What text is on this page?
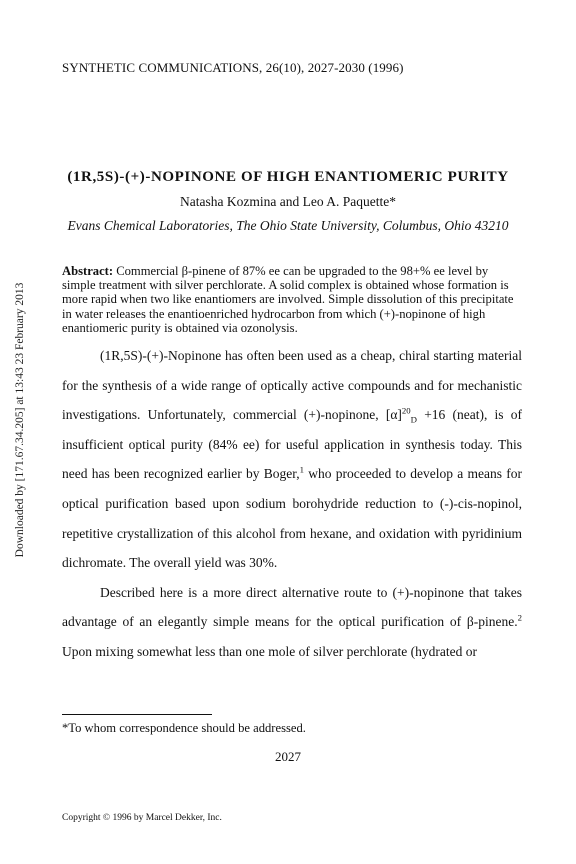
Downloaded by [171.67.34.205] at 13:43 23 February 2013
SYNTHETIC COMMUNICATIONS, 26(10), 2027-2030 (1996)
(1R,5S)-(+)-NOPINONE OF HIGH ENANTIOMERIC PURITY
Natasha Kozmina and Leo A. Paquette*
Evans Chemical Laboratories, The Ohio State University, Columbus, Ohio 43210
Abstract: Commercial β-pinene of 87% ee can be upgraded to the 98+% ee level by simple treatment with silver perchlorate. A solid complex is obtained whose formation is more rapid when two like enantiomers are involved. Simple dissolution of this precipitate in water releases the enantioenriched hydrocarbon from which (+)-nopinone of high enantiomeric purity is obtained via ozonolysis.

(1R,5S)-(+)-Nopinone has often been used as a cheap, chiral starting material for the synthesis of a wide range of optically active compounds and for mechanistic investigations. Unfortunately, commercial (+)-nopinone, $[\alpha]^{20}_D +16$ (neat), is of insufficient optical purity (84% ee) for useful application in synthesis today. This need has been recognized earlier by Boger,$^1$ who proceeded to develop a means for optical purification based upon sodium borohydride reduction to (-)-cis-nopinol, repetitive crystallization of this alcohol from hexane, and oxidation with pyridinium dichromate. The overall yield was 30%.

Described here is a more direct alternative route to (+)-nopinone that takes advantage of an elegantly simple means for the optical purification of β-pinene.$^2$ Upon mixing somewhat less than one mole of silver perchlorate (hydrated or

*To whom correspondence should be addressed.
2027
Copyright © 1996 by Marcel Dekker, Inc.
